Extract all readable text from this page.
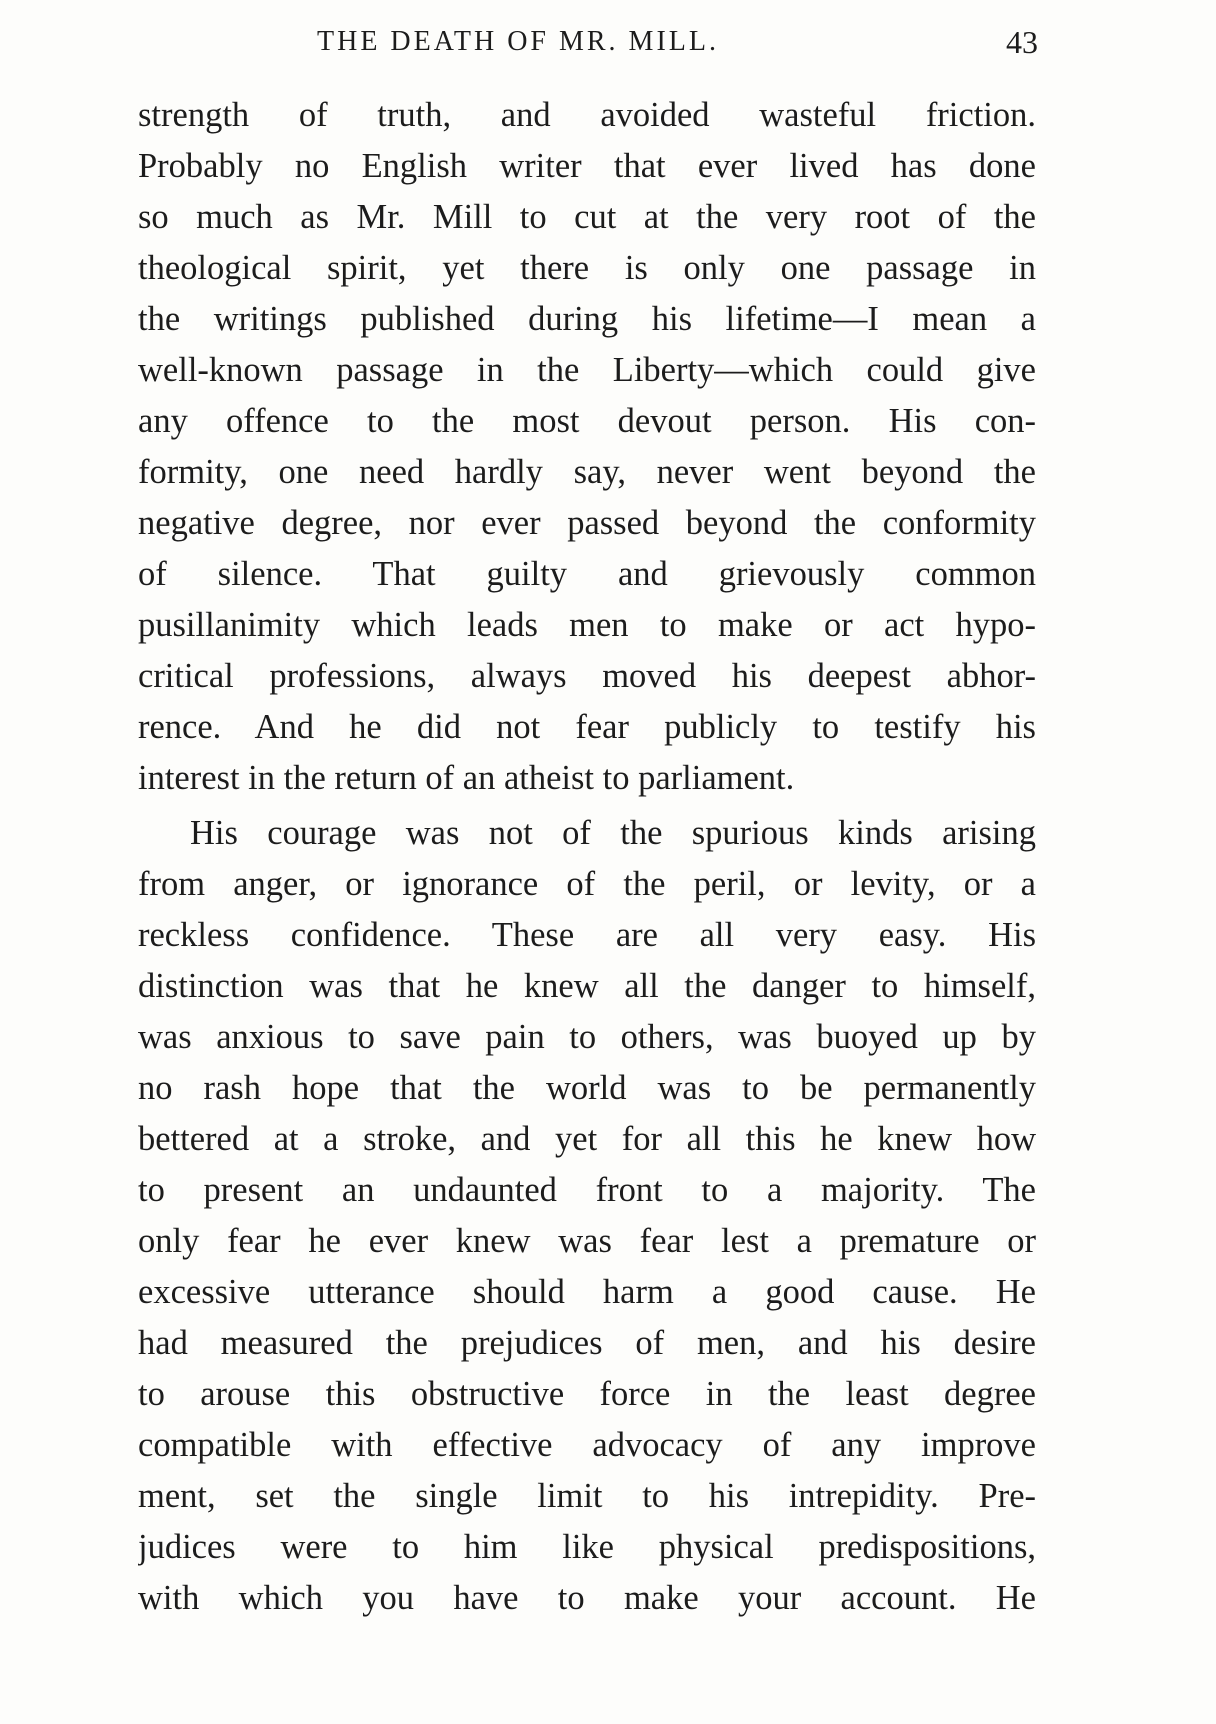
THE DEATH OF MR. MILL.	43
strength of truth, and avoided wasteful friction.
Probably no English writer that ever lived has done
so much as Mr. Mill to cut at the very root of the
theological spirit, yet there is only one passage in
the writings published during his lifetime—I mean a
well-known passage in the Liberty—which could give
any offence to the most devout person. His con-
formity, one need hardly say, never went beyond the
negative degree, nor ever passed beyond the conformity
of silence. That guilty and grievously common
pusillanimity which leads men to make or act hypo-
critical professions, always moved his deepest abhor-
rence. And he did not fear publicly to testify his
interest in the return of an atheist to parliament.
His courage was not of the spurious kinds arising
from anger, or ignorance of the peril, or levity, or a
reckless confidence. These are all very easy. His
distinction was that he knew all the danger to himself,
was anxious to save pain to others, was buoyed up by
no rash hope that the world was to be permanently
bettered at a stroke, and yet for all this he knew how
to present an undaunted front to a majority. The
only fear he ever knew was fear lest a premature or
excessive utterance should harm a good cause. He
had measured the prejudices of men, and his desire
to arouse this obstructive force in the least degree
compatible with effective advocacy of any improve
ment, set the single limit to his intrepidity. Pre-
judices were to him like physical predispositions,
with which you have to make your account. He
